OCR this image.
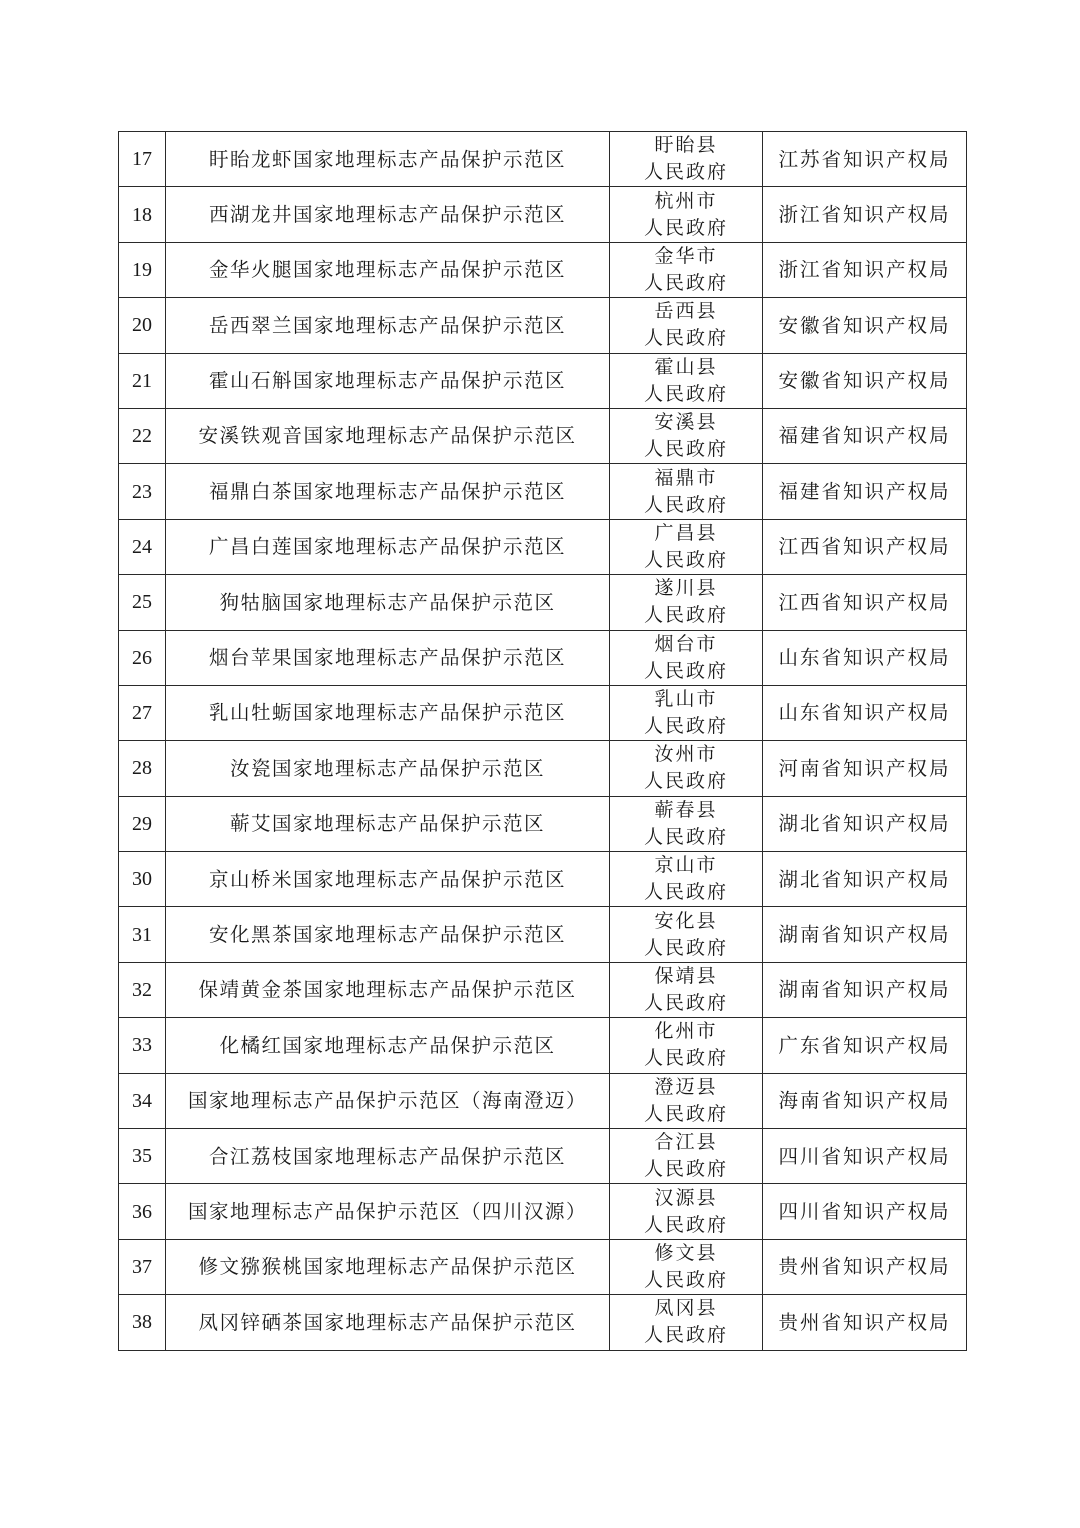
17	盱眙龙虾国家地理标志产品保护示范区	盱眙县
人民政府	江苏省知识产权局
18	西湖龙井国家地理标志产品保护示范区	杭州市
人民政府	浙江省知识产权局
19	金华火腿国家地理标志产品保护示范区	金华市
人民政府	浙江省知识产权局
20	岳西翠兰国家地理标志产品保护示范区	岳西县
人民政府	安徽省知识产权局
21	霍山石斛国家地理标志产品保护示范区	霍山县
人民政府	安徽省知识产权局
22	安溪铁观音国家地理标志产品保护示范区	安溪县
人民政府	福建省知识产权局
23	福鼎白茶国家地理标志产品保护示范区	福鼎市
人民政府	福建省知识产权局
24	广昌白莲国家地理标志产品保护示范区	广昌县
人民政府	江西省知识产权局
25	狗牯脑国家地理标志产品保护示范区	遂川县
人民政府	江西省知识产权局
26	烟台苹果国家地理标志产品保护示范区	烟台市
人民政府	山东省知识产权局
27	乳山牡蛎国家地理标志产品保护示范区	乳山市
人民政府	山东省知识产权局
28	汝瓷国家地理标志产品保护示范区	汝州市
人民政府	河南省知识产权局
29	蕲艾国家地理标志产品保护示范区	蕲春县
人民政府	湖北省知识产权局
30	京山桥米国家地理标志产品保护示范区	京山市
人民政府	湖北省知识产权局
31	安化黑茶国家地理标志产品保护示范区	安化县
人民政府	湖南省知识产权局
32	保靖黄金茶国家地理标志产品保护示范区	保靖县
人民政府	湖南省知识产权局
33	化橘红国家地理标志产品保护示范区	化州市
人民政府	广东省知识产权局
34	国家地理标志产品保护示范区（海南澄迈）	澄迈县
人民政府	海南省知识产权局
35	合江荔枝国家地理标志产品保护示范区	合江县
人民政府	四川省知识产权局
36	国家地理标志产品保护示范区（四川汉源）	汉源县
人民政府	四川省知识产权局
37	修文猕猴桃国家地理标志产品保护示范区	修文县
人民政府	贵州省知识产权局
38	凤冈锌硒茶国家地理标志产品保护示范区	凤冈县
人民政府	贵州省知识产权局
